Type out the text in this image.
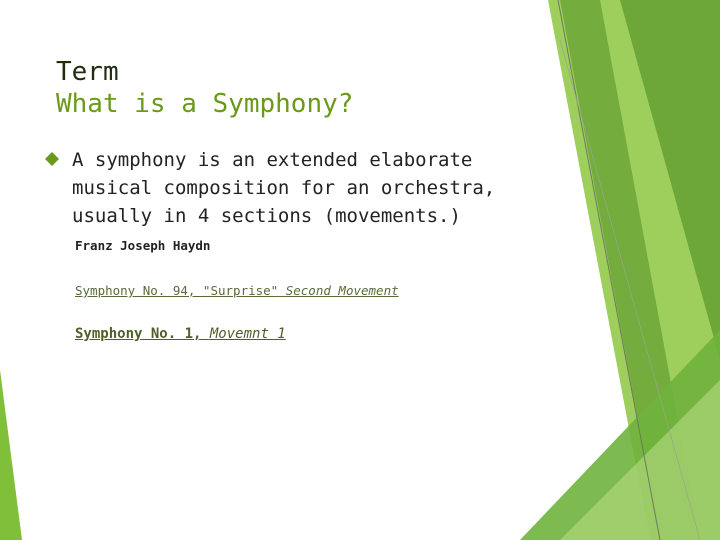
Term
What is a Symphony?
A symphony is an extended elaborate musical composition for an orchestra, usually in 4 sections (movements.)
Franz Joseph Haydn
Symphony No. 94, "Surprise" Second Movement
Symphony No. 1, Movemnt 1
